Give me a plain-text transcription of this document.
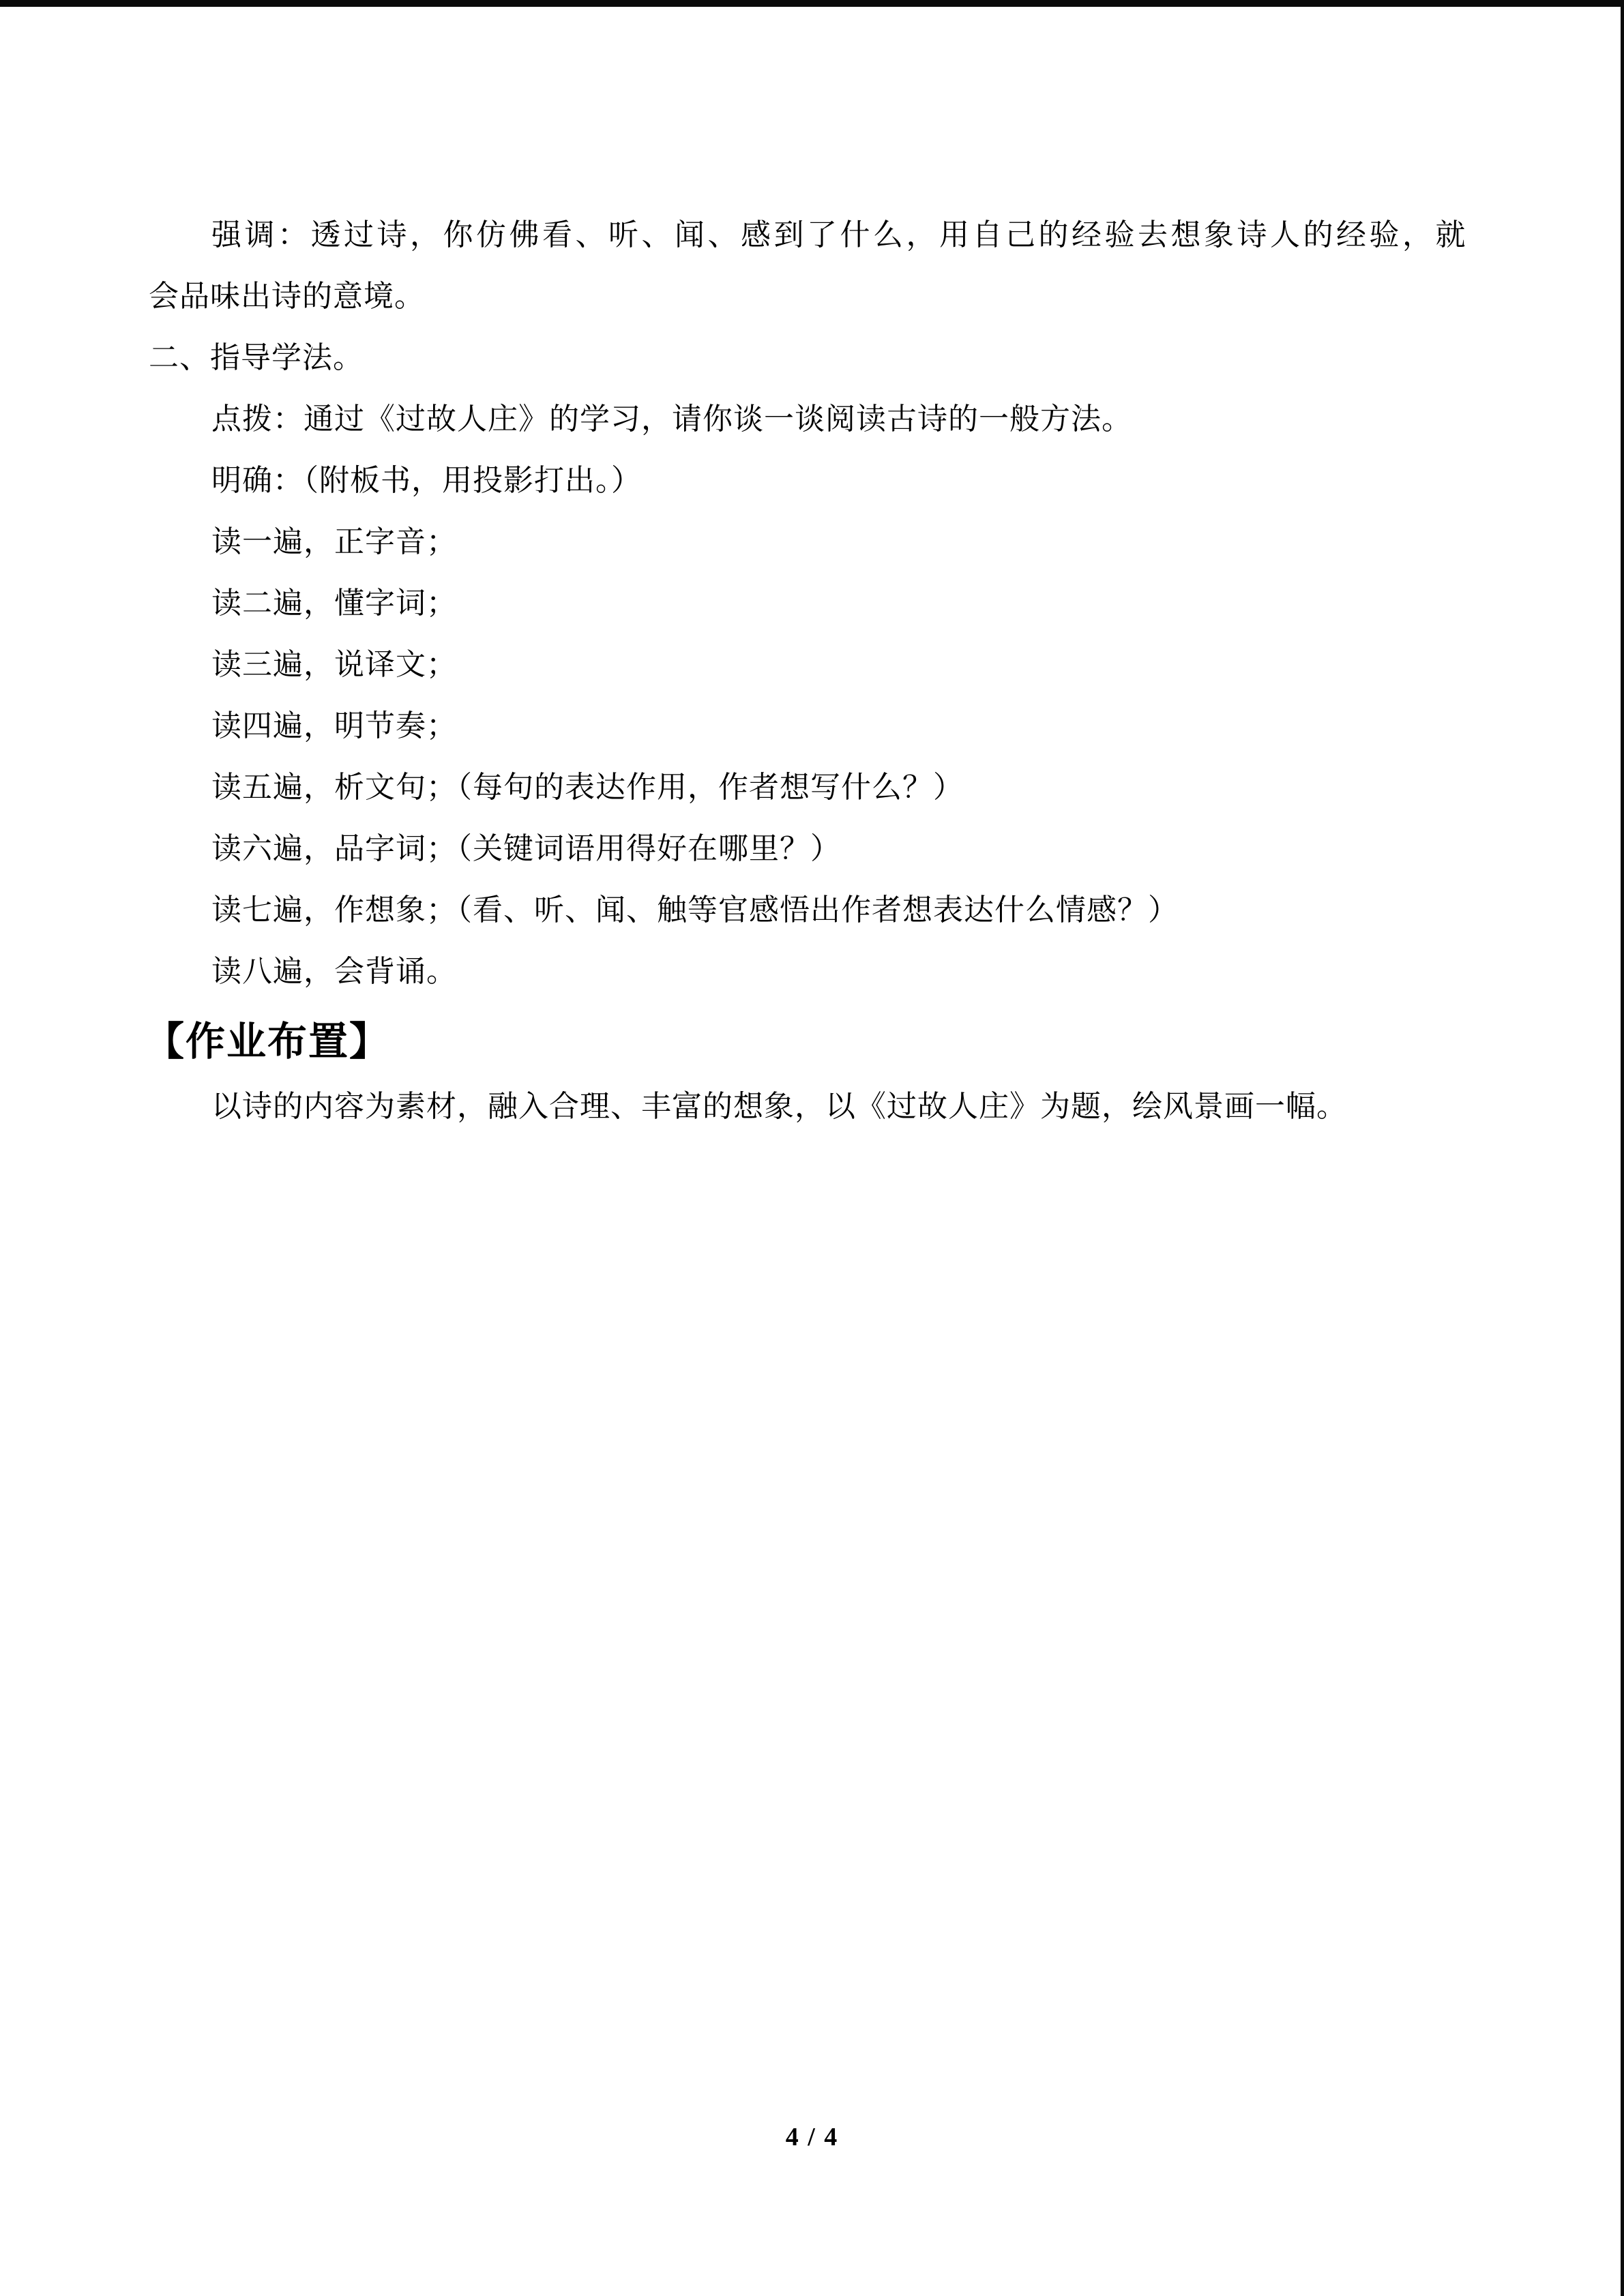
强调：透过诗，你仿佛看、听、闻、感到了什么，用自己的经验去想象诗人的经验，就

会品味出诗的意境。

二、指导学法。

点拨：通过《过故人庄》的学习，请你谈一谈阅读古诗的一般方法。

明确：（附板书，用投影打出。）

读一遍，正字音；

读二遍，懂字词；

读三遍，说译文；

读四遍，明节奏；

读五遍，析文句；（每句的表达作用，作者想写什么？）

读六遍，品字词；（关键词语用得好在哪里？）

读七遍，作想象；（看、听、闻、触等官感悟出作者想表达什么情感？）

读八遍，会背诵。

【作业布置】

以诗的内容为素材，融入合理、丰富的想象，以《过故人庄》为题，绘风景画一幅。

4 / 4
